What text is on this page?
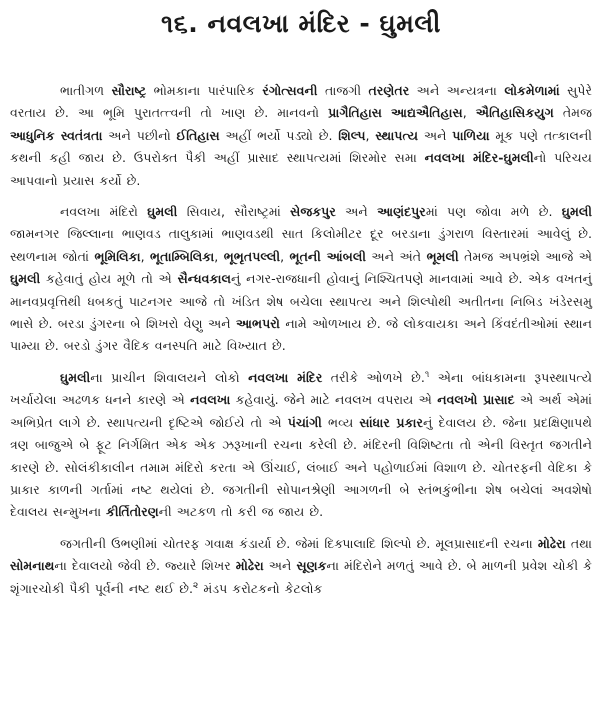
૧૬. નવલખા મંદિર - ઘુમલી

ભાતીગળ સૌરાષ્ટ્ર ભોમકાના પારંપારિક રંગોત્સવની તાજગી તરણેતર અને અન્યત્રના લોકમેળામાં સુપેરે વરતાય છે. આ ભૂમિ પુરાતત્ત્વની તો ખાણ છે. માનવનો પ્રાગૈતિહાસ આદ્યઐતિહાસ, ઐતિહાસિકયુગ તેમજ આધુનિક સ્વતંત્રતા અને પછીનો ઈતિહાસ અહીં ભર્યો પડ્યો છે. શિલ્પ, સ્થાપત્ય અને પાળિયા મૂક પણે તત્કાલની કથની કહી જાય છે. ઉપરોક્ત પૈકી અહીં પ્રાસાદ સ્થાપત્યમાં શિરમોર સમા નવલખા મંદિર-ઘુમલીનો પરિચય આપવાનો પ્રયાસ કર્યો છે.

નવલખા મંદિરો ઘુમલી સિવાય, સૌરાષ્ટ્રમાં સેજકપુર અને આણંદપુરમાં પણ જોવા મળે છે. ઘુમલી જામનગર જિલ્લાના ભાણવડ તાલુકામાં ભાણવડથી સાત કિલોમીટર દૂર બરડાના ડુંગરાળ વિસ્તારમાં આવેલું છે. સ્થળનામ જોતાં ભૂમિલિકા, ભૂતામ્બિલિકા, ભૂભૃતપલ્લી, ભૂતની આંબલી અને અંતે ભૂમલી તેમજ અપભ્રંશે આજે એ ઘુમલી કહેવાતું હોય મૂળે તો એ સૈન્ધવકાલનું નગર-રાજધાની હોવાનું નિશ્ચિતપણે માનવામાં આવે છે. એક વખતનું માનવપ્રવૃત્તિથી ધબકતું પાટનગર આજે તો ખંડિત શેષ બચેલા સ્થાપત્ય અને શિલ્પોથી અતીતના નિબિડ ખંડેરસમુ ભાસે છે. બરડા ડુંગરના બે શિખરો વેણુ અને આભપરો નામે ઓળખાય છે. જે લોકવાયકા અને કિંવદંતીઓમાં સ્થાન પામ્યા છે. બરડો ડુંગર વૈદિક વનસ્પતિ માટે વિખ્યાત છે.

ઘુમલીના પ્રાચીન શિવાલયને લોકો નવલખા મંદિર તરીકે ઓળખે છે.$^૧$ એના બાંધકામના રૂપસ્થાપત્યે ખર્ચાયેલા અઢળક ધનને કારણે એ નવલખા કહેવાયું. જેને માટે નવલખ વપરાય એ નવલખો પ્રાસાદ એ અર્થ એમાં અભિપ્રેત લાગે છે. સ્થાપત્યની દૃષ્ટિએ જોઈયે તો એ પંચાંગી ભવ્ય સાંધાર પ્રકારનું દેવાલય છે. જેના પ્રદક્ષિણાપથે ત્રણ બાજુએ બે ફૂટ નિર્ગમિત એક એક ઝરૂખાની રચના કરેલી છે. મંદિરની વિશિષ્ટતા તો એની વિસ્તૃત જગતીને કારણે છે. સોલંકીકાલીન તમામ મંદિરો કરતા એ ઊંચાઈ, લંબાઈ અને પહોળાઈમાં વિશાળ છે. ચોતરફની વેદિકા કે પ્રાકાર કાળની ગર્તામાં નષ્ટ થયેલાં છે. જગતીની સોપાનશ્રેણી આગળની બે સ્તંભકુંભીના શેષ બચેલાં અવશેષો દેવાલય સન્મુખના કીર્તિતોરણની અટકળ તો કરી જ જાય છે.

જગતીની ઉભણીમાં ચોતરફ ગવાક્ષ કંડાર્યા છે. જેમાં દિક્પાલાદિ શિલ્પો છે. મૂલપ્રાસાદની રચના મોઢેરા તથા સોમનાથના દેવાલયો જેવી છે. જ્યારે શિખર મોઢેરા અને સૂણકના મંદિરોને મળતું આવે છે. બે માળની પ્રવેશ ચોકી કે શૃંગારચોકી પૈકી પૂર્વની નષ્ટ થઈ છે.$^૨$ મંડપ કરોટકનો કેટલોક
